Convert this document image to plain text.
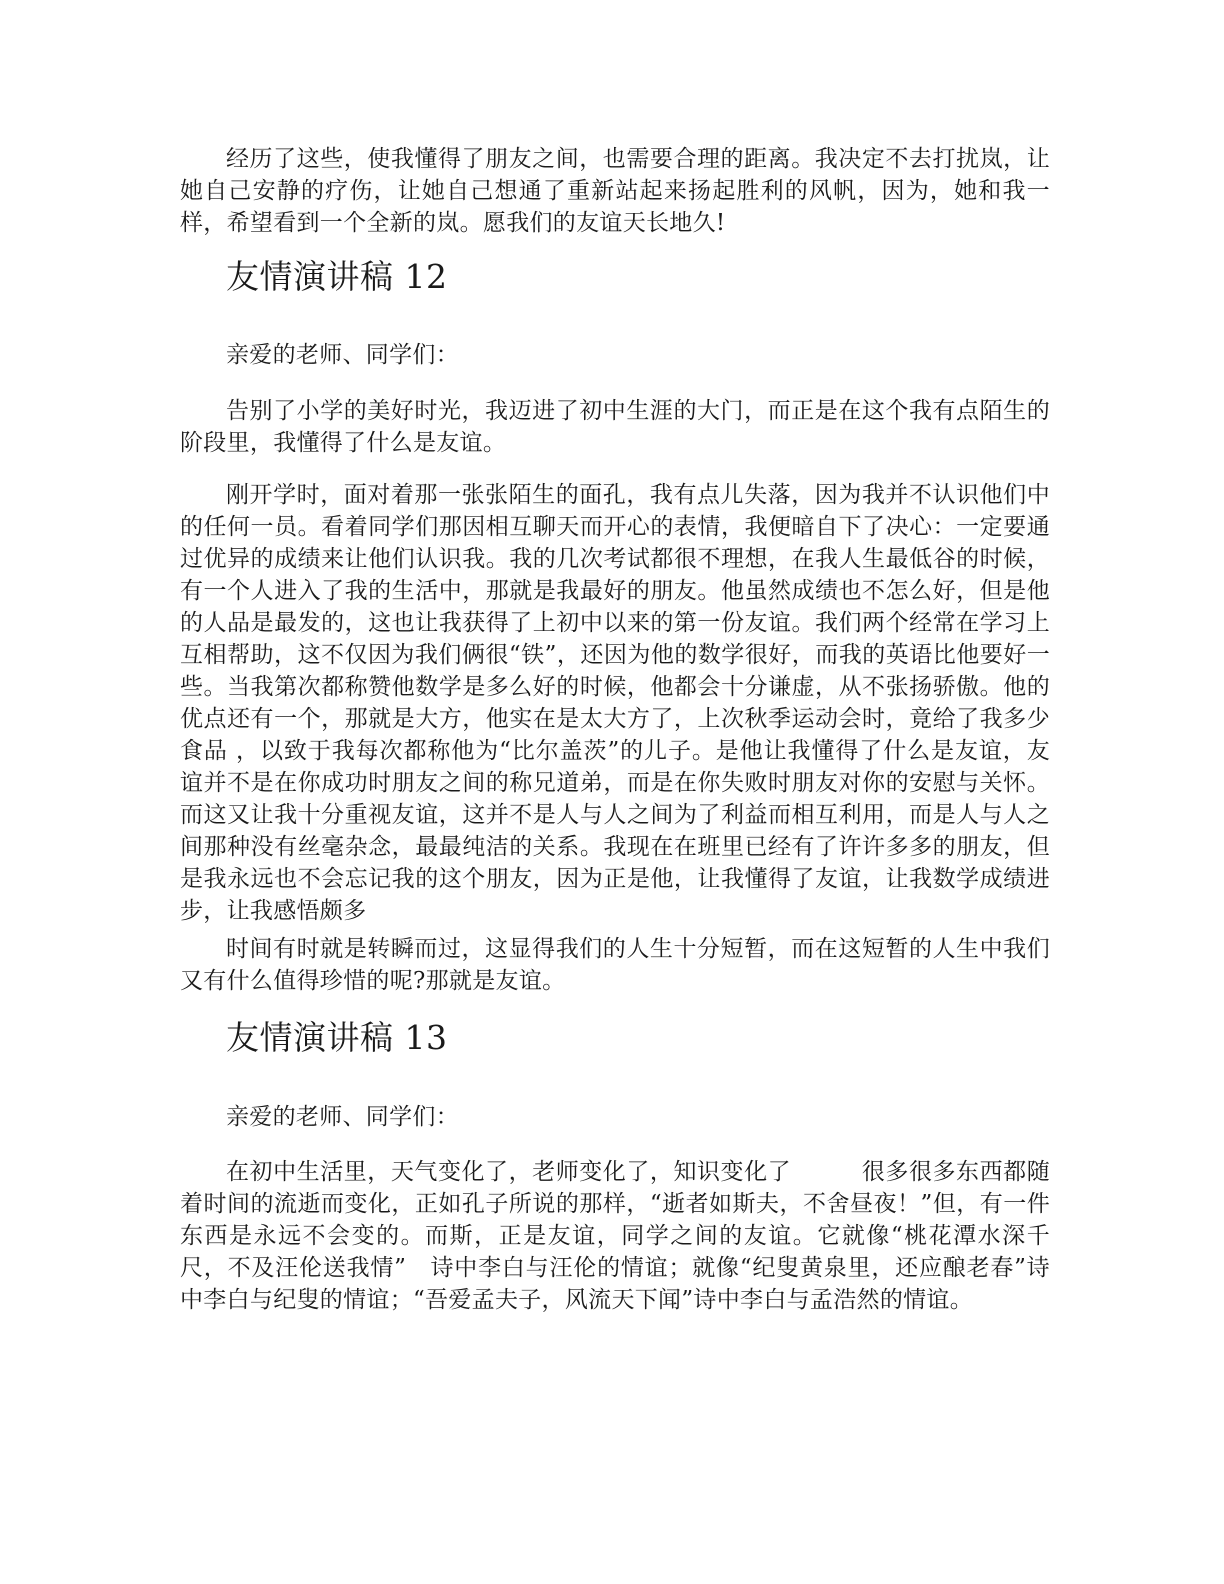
经历了这些，使我懂得了朋友之间，也需要合理的距离。我决定不去打扰岚，让她自己安静的疗伤，让她自己想通了重新站起来扬起胜利的风帆，因为，她和我一样，希望看到一个全新的岚。愿我们的友谊天长地久!

友情演讲稿 12

亲爱的老师、同学们：

告别了小学的美好时光，我迈进了初中生涯的大门，而正是在这个我有点陌生的阶段里，我懂得了什么是友谊。

刚开学时，面对着那一张张陌生的面孔，我有点儿失落，因为我并不认识他们中的任何一员。看着同学们那因相互聊天而开心的表情，我便暗自下了决心：一定要通过优异的成绩来让他们认识我。我的几次考试都很不理想，在我人生最低谷的时候，有一个人进入了我的生活中，那就是我最好的朋友。他虽然成绩也不怎么好，但是他的人品是最发的，这也让我获得了上初中以来的第一份友谊。我们两个经常在学习上互相帮助，这不仅因为我们俩很“铁”，还因为他的数学很好，而我的英语比他要好一些。当我第次都称赞他数学是多么好的时候，他都会十分谦虚，从不张扬骄傲。他的优点还有一个，那就是大方，他实在是太大方了，上次秋季运动会时，竟给了我多少食品 ，以致于我每次都称他为“比尔盖茨”的儿子。是他让我懂得了什么是友谊，友谊并不是在你成功时朋友之间的称兄道弟，而是在你失败时朋友对你的安慰与关怀。而这又让我十分重视友谊，这并不是人与人之间为了利益而相互利用，而是人与人之间那种没有丝毫杂念，最最纯洁的关系。我现在在班里已经有了许许多多的朋友，但是我永远也不会忘记我的这个朋友，因为正是他，让我懂得了友谊，让我数学成绩进步，让我感悟颇多

时间有时就是转瞬而过，这显得我们的人生十分短暂，而在这短暂的人生中我们又有什么值得珍惜的呢?那就是友谊。

友情演讲稿 13

亲爱的老师、同学们：

在初中生活里，天气变化了，老师变化了，知识变化了　　　很多很多东西都随着时间的流逝而变化，正如孔子所说的那样，“逝者如斯夫，不舍昼夜！”但，有一件东西是永远不会变的。而斯，正是友谊，同学之间的友谊。它就像“桃花潭水深千尺，不及汪伦送我情”　诗中李白与汪伦的情谊；就像“纪叟黄泉里，还应酿老春”诗中李白与纪叟的情谊；“吾爱孟夫子，风流天下闻”诗中李白与孟浩然的情谊。
